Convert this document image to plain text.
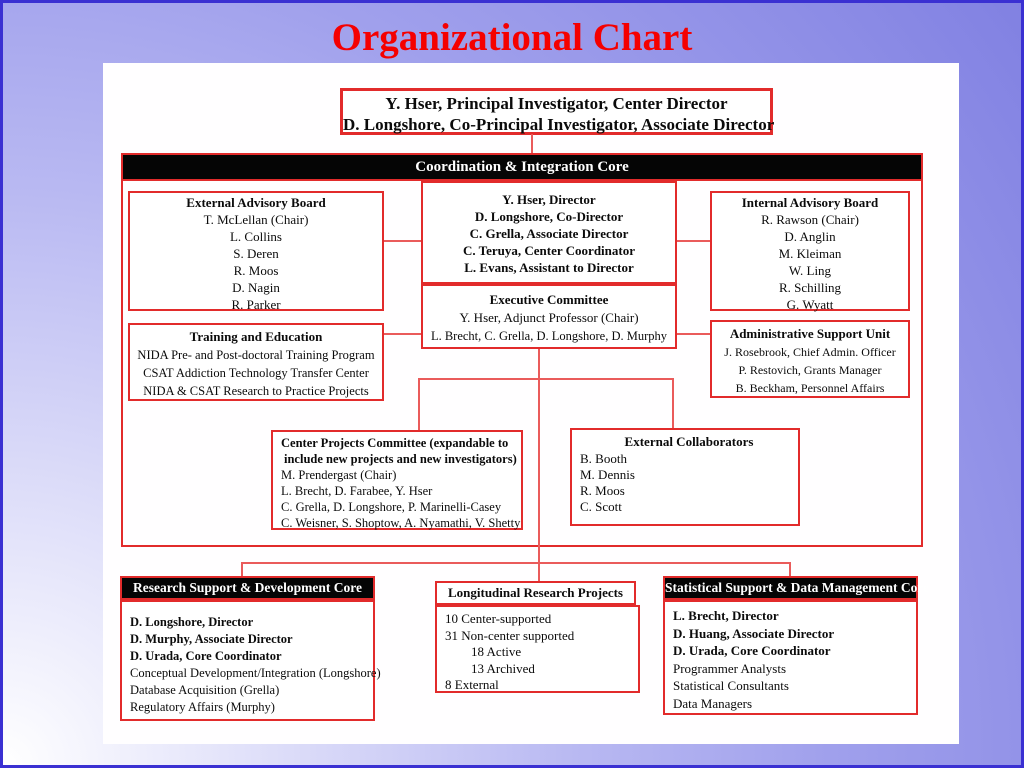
Organizational Chart
Y. Hser, Principal Investigator, Center Director
D. Longshore, Co-Principal Investigator, Associate Director
Coordination & Integration Core
External Advisory Board
T. McLellan (Chair)
L. Collins
S. Deren
R. Moos
D. Nagin
R. Parker
Y. Hser, Director
D. Longshore, Co-Director
C. Grella, Associate Director
C. Teruya, Center Coordinator
L. Evans, Assistant to Director
Internal Advisory Board
R. Rawson (Chair)
D. Anglin
M. Kleiman
W. Ling
R. Schilling
G. Wyatt
Executive Committee
Y. Hser, Adjunct Professor (Chair)
L. Brecht, C. Grella, D. Longshore, D. Murphy
Training and Education
NIDA Pre- and Post-doctoral Training Program
CSAT Addiction Technology Transfer Center
NIDA & CSAT Research to Practice Projects
Administrative Support Unit
J. Rosebrook, Chief Admin. Officer
P. Restovich, Grants Manager
B. Beckham, Personnel Affairs
Center Projects Committee (expandable to
include new projects and new investigators)
M. Prendergast (Chair)
L. Brecht, D. Farabee, Y. Hser
C. Grella, D. Longshore, P. Marinelli-Casey
C. Weisner, S. Shoptow, A. Nyamathi, V. Shetty
External Collaborators
B. Booth
M. Dennis
R. Moos
C. Scott
Research Support & Development Core
D. Longshore, Director
D. Murphy, Associate Director
D. Urada, Core Coordinator
Conceptual Development/Integration (Longshore)
Database Acquisition (Grella)
Regulatory Affairs (Murphy)
Longitudinal Research Projects
10 Center-supported
31 Non-center supported
18 Active
13 Archived
8 External
Statistical Support & Data Management Core
L. Brecht, Director
D. Huang, Associate Director
D. Urada, Core Coordinator
Programmer Analysts
Statistical Consultants
Data Managers
